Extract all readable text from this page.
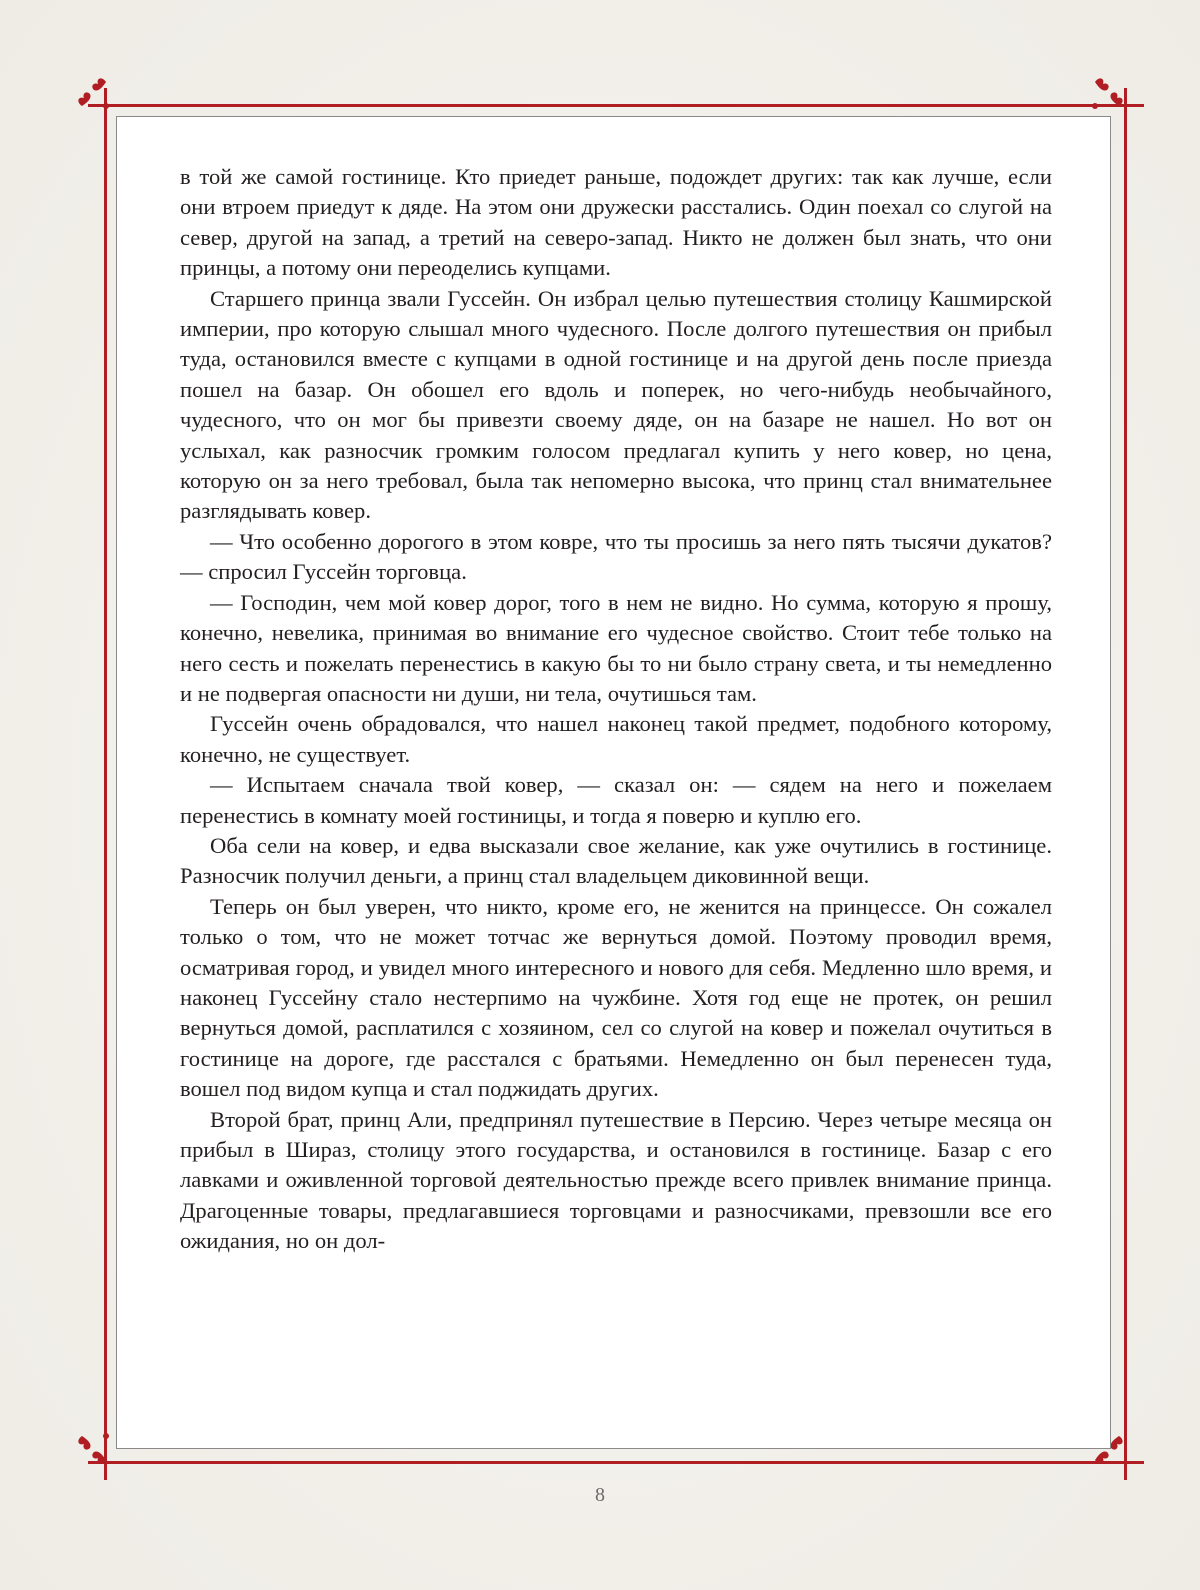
в той же самой гостинице. Кто приедет раньше, подождет других: так как лучше, если они втроем приедут к дяде. На этом они дружески расстались. Один поехал со слугой на север, другой на запад, а третий на северо-запад. Никто не должен был знать, что они принцы, а потому они переоделись купцами.

Старшего принца звали Гуссейн. Он избрал целью путешествия столицу Кашмирской империи, про которую слышал много чудесного. После долгого путешествия он прибыл туда, остановился вместе с купцами в одной гостинице и на другой день после приезда пошел на базар. Он обошел его вдоль и поперек, но чего-нибудь необычайного, чудесного, что он мог бы привезти своему дяде, он на базаре не нашел. Но вот он услыхал, как разносчик громким голосом предлагал купить у него ковер, но цена, которую он за него требовал, была так непомерно высока, что принц стал внимательнее разглядывать ковер.

— Что особенно дорогого в этом ковре, что ты просишь за него пять тысячи дукатов? — спросил Гуссейн торговца.

— Господин, чем мой ковер дорог, того в нем не видно. Но сумма, которую я прошу, конечно, невелика, принимая во внимание его чудесное свойство. Стоит тебе только на него сесть и пожелать перенестись в какую бы то ни было страну света, и ты немедленно и не подвергая опасности ни души, ни тела, очутишься там.

Гуссейн очень обрадовался, что нашел наконец такой предмет, подобного которому, конечно, не существует.

— Испытаем сначала твой ковер, — сказал он: — сядем на него и пожелаем перенестись в комнату моей гостиницы, и тогда я поверю и куплю его.

Оба сели на ковер, и едва высказали свое желание, как уже очутились в гостинице. Разносчик получил деньги, а принц стал владельцем диковинной вещи.

Теперь он был уверен, что никто, кроме его, не женится на принцессе. Он сожалел только о том, что не может тотчас же вернуться домой. Поэтому проводил время, осматривая город, и увидел много интересного и нового для себя. Медленно шло время, и наконец Гуссейну стало нестерпимо на чужбине. Хотя год еще не протек, он решил вернуться домой, расплатился с хозяином, сел со слугой на ковер и пожелал очутиться в гостинице на дороге, где расстался с братьями. Немедленно он был перенесен туда, вошел под видом купца и стал поджидать других.

Второй брат, принц Али, предпринял путешествие в Персию. Через четыре месяца он прибыл в Шираз, столицу этого государства, и остановился в гостинице. Базар с его лавками и оживленной торговой деятельностью прежде всего привлек внимание принца. Драгоценные товары, предлагавшиеся торговцами и разносчиками, превзошли все его ожидания, но он дол-

8
